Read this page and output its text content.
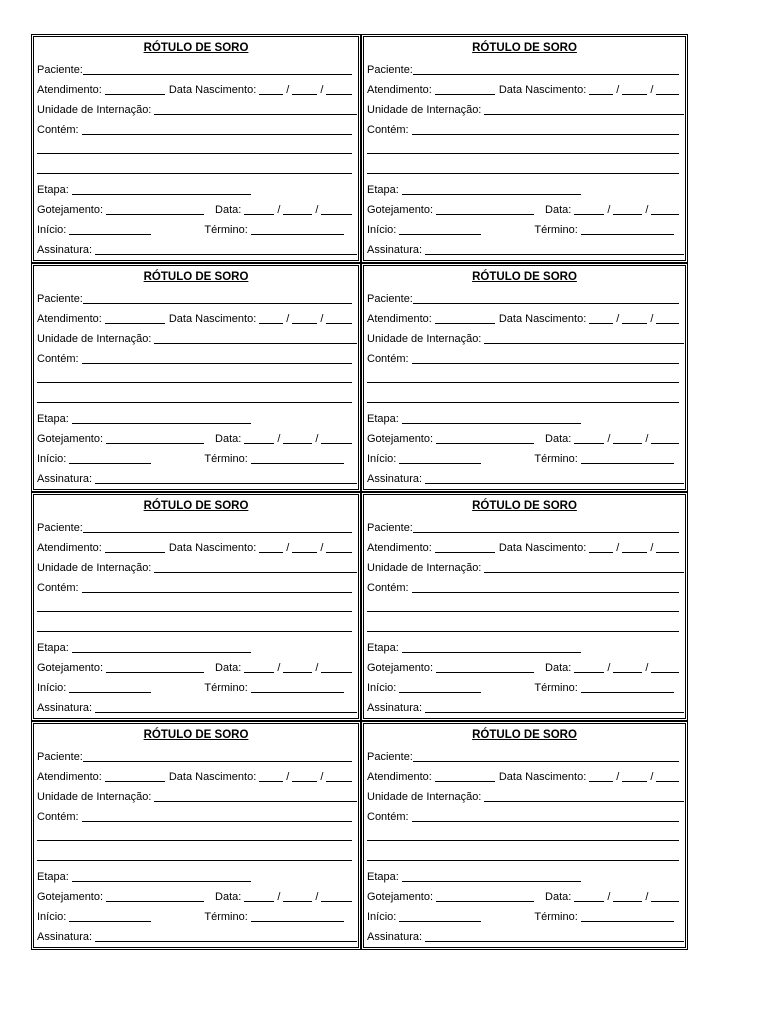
RÓTULO DE SORO
Paciente:
Atendimento:	Data Nascimento:	/	/
Unidade de Internação:
Contém:
Etapa:
Gotejamento:	Data:	/	/
Início:	Término:
Assinatura:
RÓTULO DE SORO
Paciente:
Atendimento:	Data Nascimento:	/	/
Unidade de Internação:
Contém:
Etapa:
Gotejamento:	Data:	/	/
Início:	Término:
Assinatura:
RÓTULO DE SORO
Paciente:
Atendimento:	Data Nascimento:	/	/
Unidade de Internação:
Contém:
Etapa:
Gotejamento:	Data:	/	/
Início:	Término:
Assinatura:
RÓTULO DE SORO
Paciente:
Atendimento:	Data Nascimento:	/	/
Unidade de Internação:
Contém:
Etapa:
Gotejamento:	Data:	/	/
Início:	Término:
Assinatura:
RÓTULO DE SORO
Paciente:
Atendimento:	Data Nascimento:	/	/
Unidade de Internação:
Contém:
Etapa:
Gotejamento:	Data:	/	/
Início:	Término:
Assinatura:
RÓTULO DE SORO
Paciente:
Atendimento:	Data Nascimento:	/	/
Unidade de Internação:
Contém:
Etapa:
Gotejamento:	Data:	/	/
Início:	Término:
Assinatura:
RÓTULO DE SORO
Paciente:
Atendimento:	Data Nascimento:	/	/
Unidade de Internação:
Contém:
Etapa:
Gotejamento:	Data:	/	/
Início:	Término:
Assinatura:
RÓTULO DE SORO
Paciente:
Atendimento:	Data Nascimento:	/	/
Unidade de Internação:
Contém:
Etapa:
Gotejamento:	Data:	/	/
Início:	Término:
Assinatura:
